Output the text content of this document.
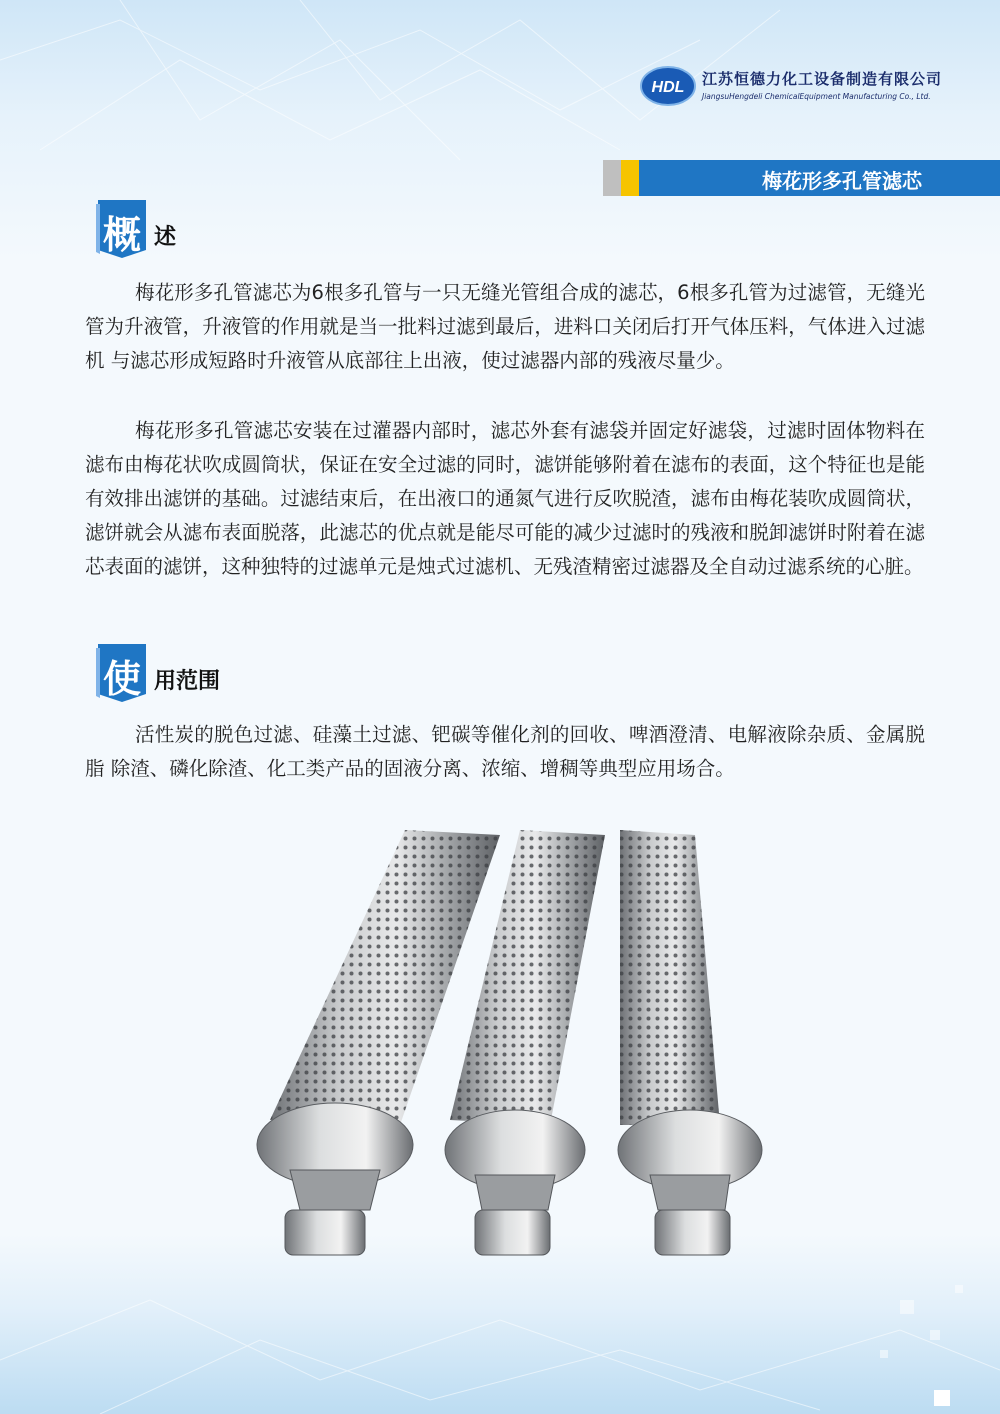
HDL 江苏恒德力化工设备制造有限公司
JiangsuHengdeli ChemicalEquipment Manufacturing Co., Ltd.
梅花形多孔管滤芯
概 述

梅花形多孔管滤芯为6根多孔管与一只无缝光管组合成的滤芯，6根多孔管为过滤管，无缝光管为升液管，升液管的作用就是当一批料过滤到最后，进料口关闭后打开气体压料，气体进入过滤机 与滤芯形成短路时升液管从底部往上出液，使过滤器内部的残液尽量少。

梅花形多孔管滤芯安装在过灌器内部时，滤芯外套有滤袋并固定好滤袋，过滤时固体物料在滤布由梅花状吹成圆筒状，保证在安全过滤的同时，滤饼能够附着在滤布的表面，这个特征也是能有效排出滤饼的基础。过滤结束后，在出液口的通氮气进行反吹脱渣，滤布由梅花装吹成圆筒状，滤饼就会从滤布表面脱落，此滤芯的优点就是能尽可能的减少过滤时的残液和脱卸滤饼时附着在滤芯表面的滤饼，这种独特的过滤单元是烛式过滤机、无残渣精密过滤器及全自动过滤系统的心脏。

使 用范围

活性炭的脱色过滤、硅藻土过滤、钯碳等催化剂的回收、啤酒澄清、电解液除杂质、金属脱脂 除渣、磷化除渣、化工类产品的固液分离、浓缩、增稠等典型应用场合。
